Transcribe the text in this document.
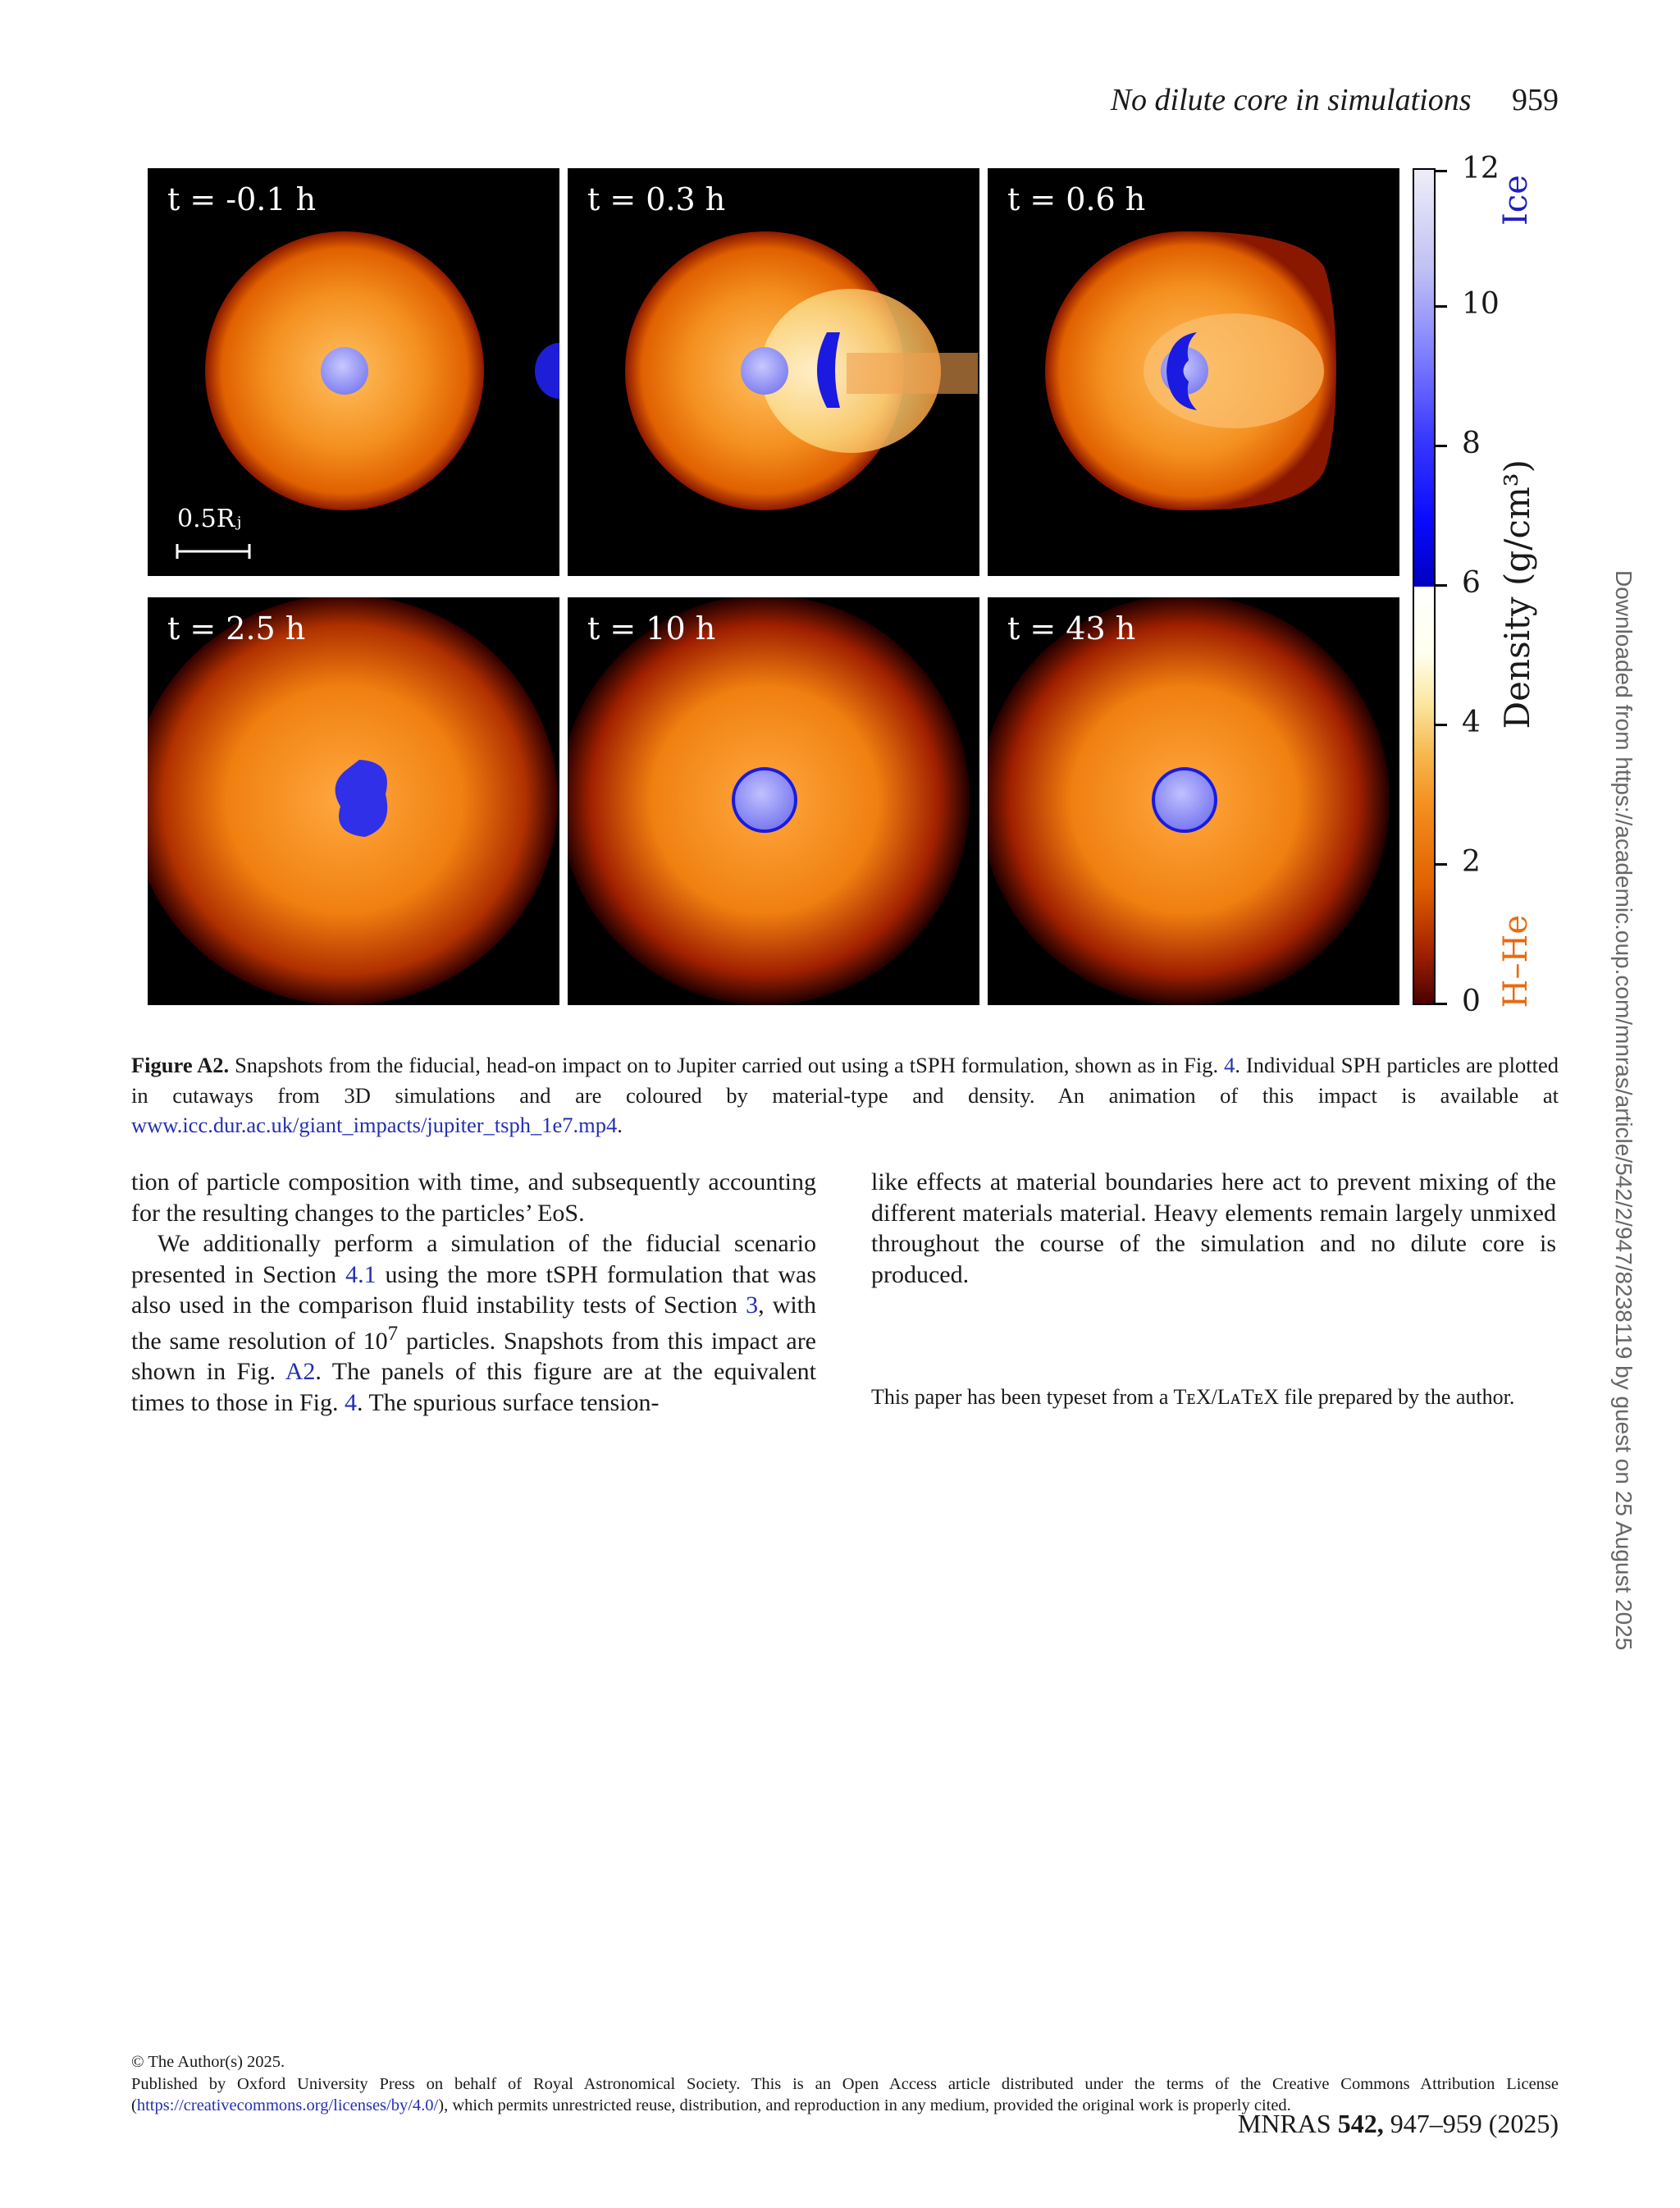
No dilute core in simulations 959
t = -0.1 h
0.5Rⱼ
t = 0.3 h	t = 0.6 h
t = 2.5 h	t = 10 h	t = 43 h
0
2
4
6
8
10
12
Ice
H–He
Density (g/cm³)
Figure A2. Snapshots from the fiducial, head-on impact on to Jupiter carried out using a tSPH formulation, shown as in Fig. 4. Individual SPH particles are plotted in cutaways from 3D simulations and are coloured by material-type and density. An animation of this impact is available at www.icc.dur.ac.uk/giant_impacts/jupiter_tsph_1e7.mp4.

tion of particle composition with time, and subsequently accounting for the resulting changes to the particles’ EoS.

We additionally perform a simulation of the fiducial scenario presented in Section 4.1 using the more tSPH formulation that was also used in the comparison fluid instability tests of Section 3, with the same resolution of $10^7$ particles. Snapshots from this impact are shown in Fig. A2. The panels of this figure are at the equivalent times to those in Fig. 4. The spurious surface tension-

like effects at material boundaries here act to prevent mixing of the different materials material. Heavy elements remain largely unmixed throughout the course of the simulation and no dilute core is produced.

This paper has been typeset from a TᴇX/LᴀTᴇX file prepared by the author.	Downloaded from https://academic.oup.com/mnras/article/542/2/947/8238119 by guest on 25 August 2025
© The Author(s) 2025.
Published by Oxford University Press on behalf of Royal Astronomical Society. This is an Open Access article distributed under the terms of the Creative Commons Attribution License (https://creativecommons.org/licenses/by/4.0/), which permits unrestricted reuse, distribution, and reproduction in any medium, provided the original work is properly cited.
MNRAS 542, 947–959 (2025)
